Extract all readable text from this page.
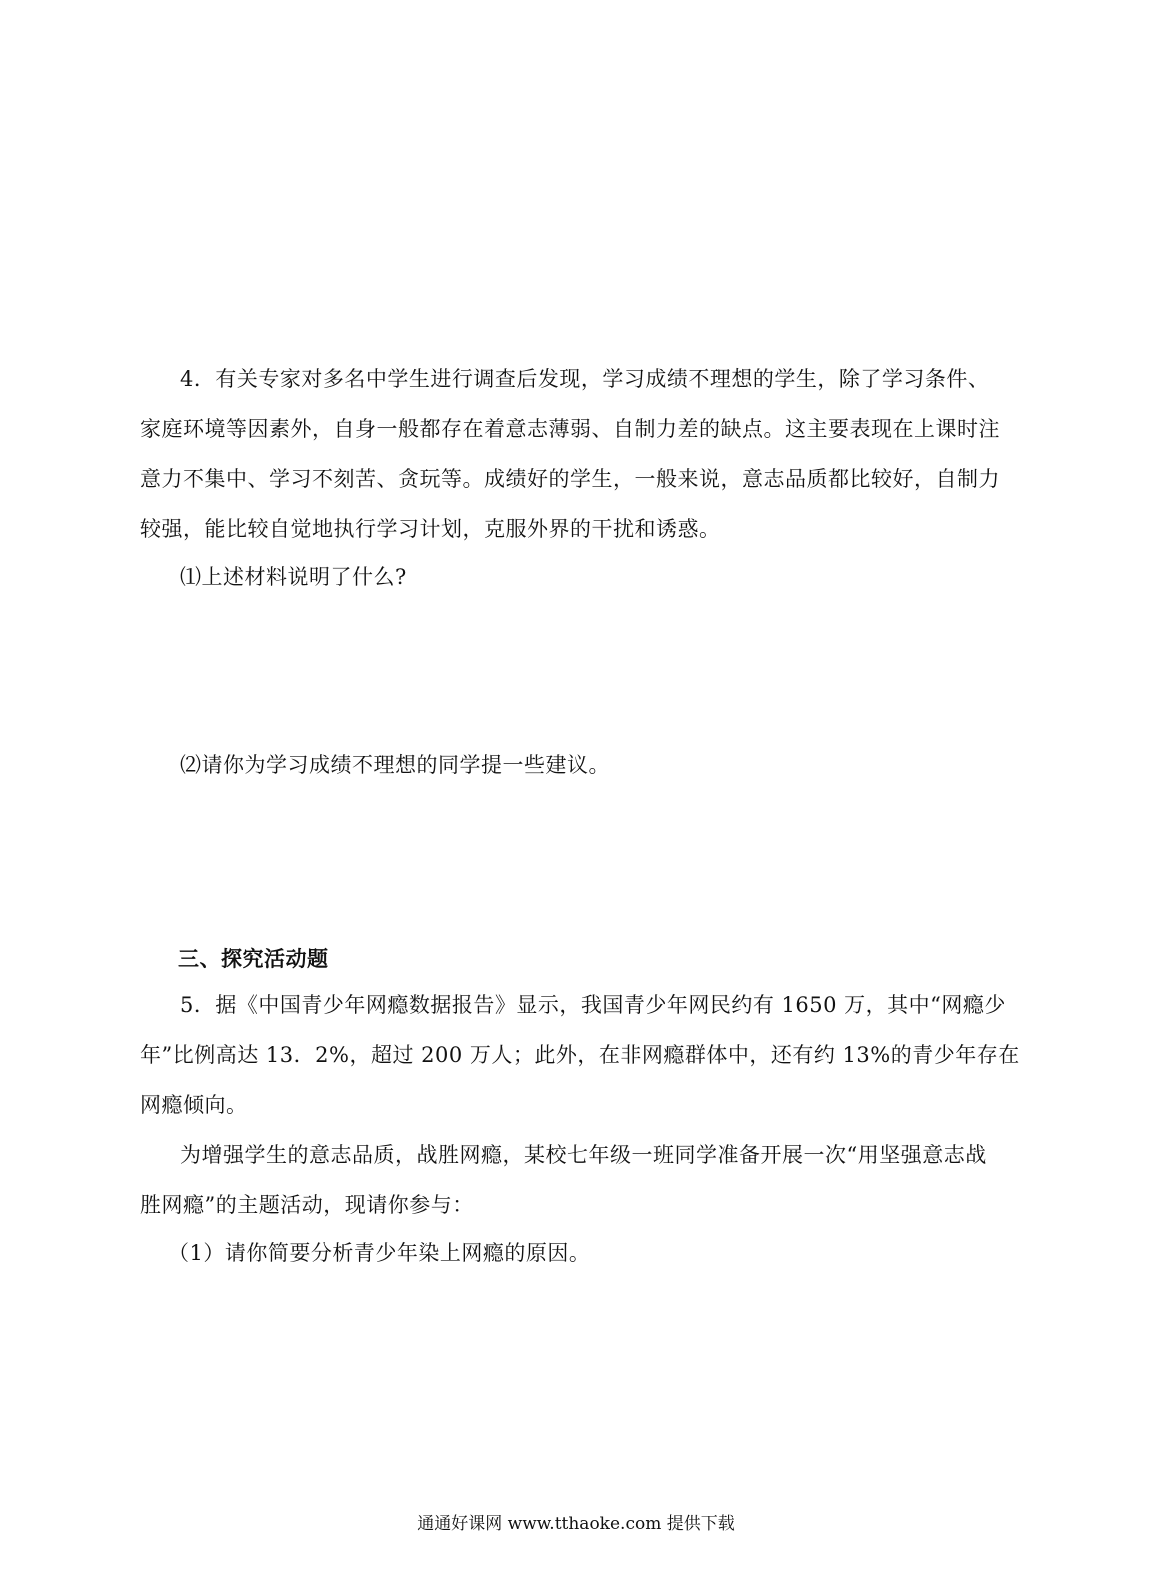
4．有关专家对多名中学生进行调查后发现，学习成绩不理想的学生，除了学习条件、
家庭环境等因素外，自身一般都存在着意志薄弱、自制力差的缺点。这主要表现在上课时注
意力不集中、学习不刻苦、贪玩等。成绩好的学生，一般来说，意志品质都比较好，自制力
较强，能比较自觉地执行学习计划，克服外界的干扰和诱惑。
⑴上述材料说明了什么?
⑵请你为学习成绩不理想的同学提一些建议。
三、探究活动题
5．据《中国青少年网瘾数据报告》显示，我国青少年网民约有 1650 万，其中“网瘾少
年”比例高达 13．2%，超过 200 万人；此外，在非网瘾群体中，还有约 13%的青少年存在
网瘾倾向。
为增强学生的意志品质，战胜网瘾，某校七年级一班同学准备开展一次“用坚强意志战
胜网瘾”的主题活动，现请你参与：
（1）请你简要分析青少年染上网瘾的原因。
通通好课网 www.tthaoke.com 提供下载
